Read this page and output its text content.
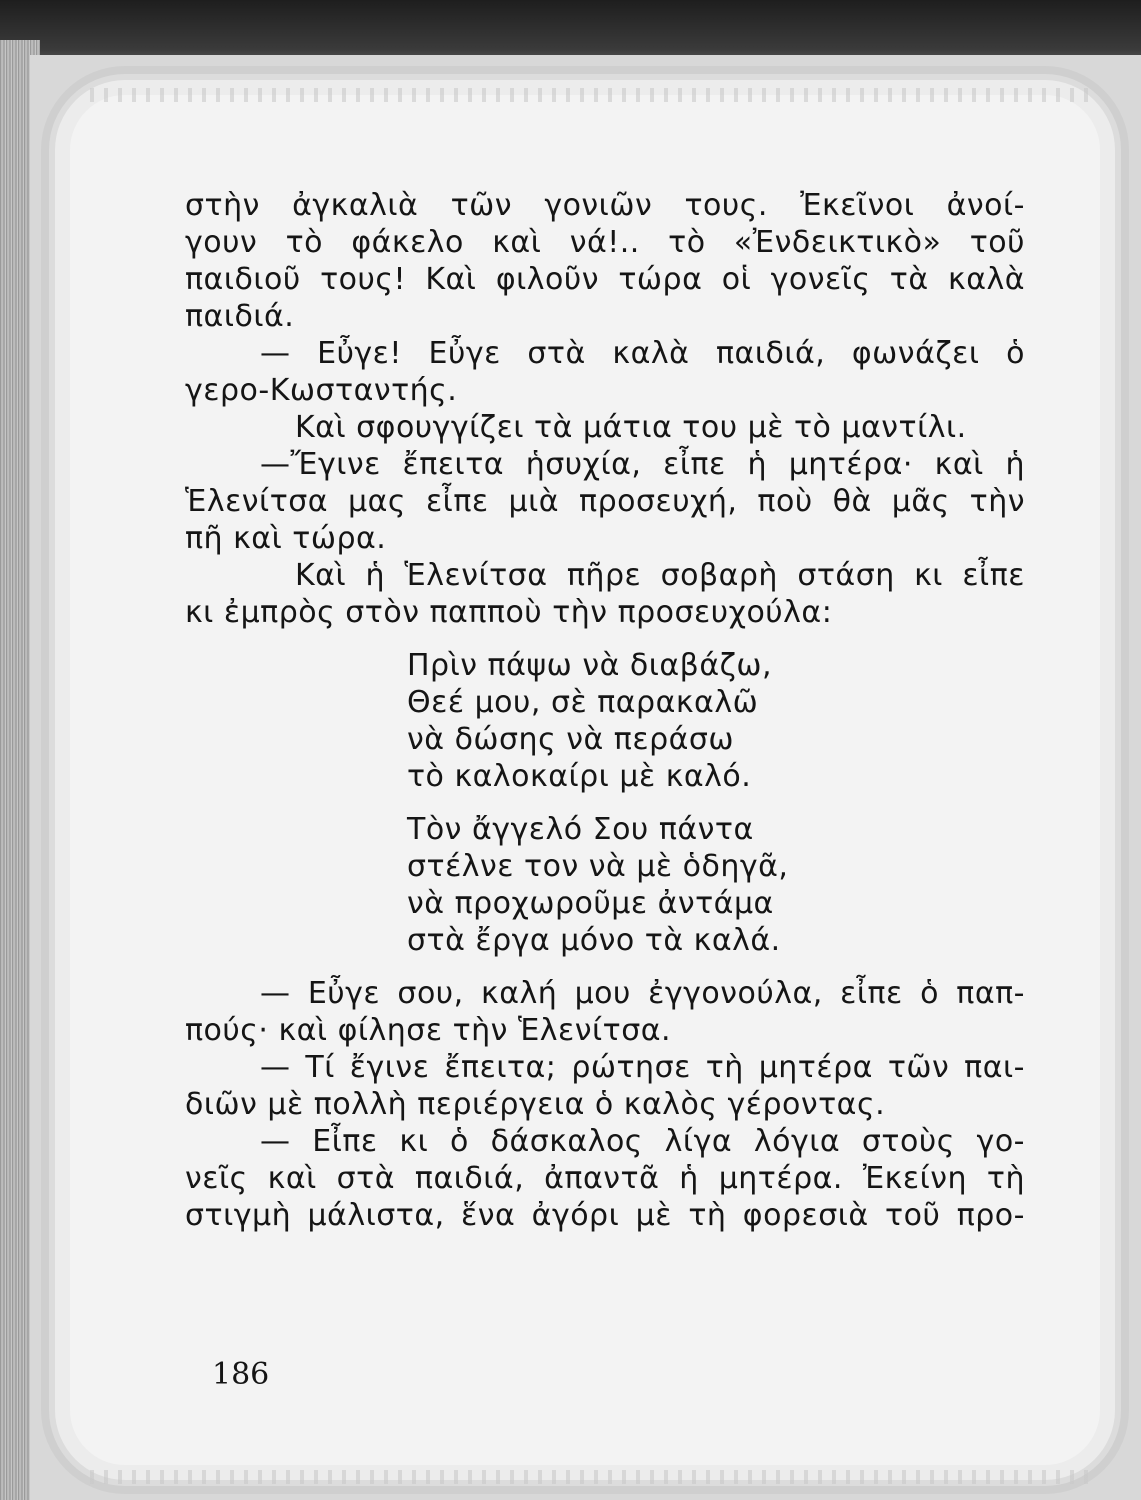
στὴν ἀγκαλιὰ τῶν γονιῶν τους. Ἐκεῖνοι ἀνοί-
γουν τὸ φάκελο καὶ νά!.. τὸ «Ἐνδεικτικὸ» τοῦ
παιδιοῦ τους! Καὶ φιλοῦν τώρα οἱ γονεῖς τὰ καλὰ
παιδιά.
— Εὖγε! Εὖγε στὰ καλὰ παιδιά, φωνάζει ὁ
γερο-Κωσταντής.
Καὶ σφουγγίζει τὰ μάτια του μὲ τὸ μαντίλι.
—Ἔγινε ἔπειτα ἡσυχία, εἶπε ἡ μητέρα· καὶ ἡ
Ἑλενίτσα μας εἶπε μιὰ προσευχή, ποὺ θὰ μᾶς τὴν
πῆ καὶ τώρα.
Καὶ ἡ Ἑλενίτσα πῆρε σοβαρὴ στάση κι εἶπε
κι ἐμπρὸς στὸν παπποὺ τὴν προσευχούλα:
Πρὶν πάψω νὰ διαβάζω,
Θεέ μου, σὲ παρακαλῶ
νὰ δώσης νὰ περάσω
τὸ καλοκαίρι μὲ καλό.
Τὸν ἄγγελό Σου πάντα
στέλνε τον νὰ μὲ ὁδηγᾶ,
νὰ προχωροῦμε ἀντάμα
στὰ ἔργα μόνο τὰ καλά.
— Εὖγε σου, καλή μου ἐγγονούλα, εἶπε ὁ παπ-
πούς· καὶ φίλησε τὴν Ἑλενίτσα.
— Τί ἔγινε ἔπειτα; ρώτησε τὴ μητέρα τῶν παι-
διῶν μὲ πολλὴ περιέργεια ὁ καλὸς γέροντας.
— Εἶπε κι ὁ δάσκαλος λίγα λόγια στοὺς γο-
νεῖς καὶ στὰ παιδιά, ἀπαντᾶ ἡ μητέρα. Ἐκείνη τὴ
στιγμὴ μάλιστα, ἕνα ἀγόρι μὲ τὴ φορεσιὰ τοῦ προ-
186
